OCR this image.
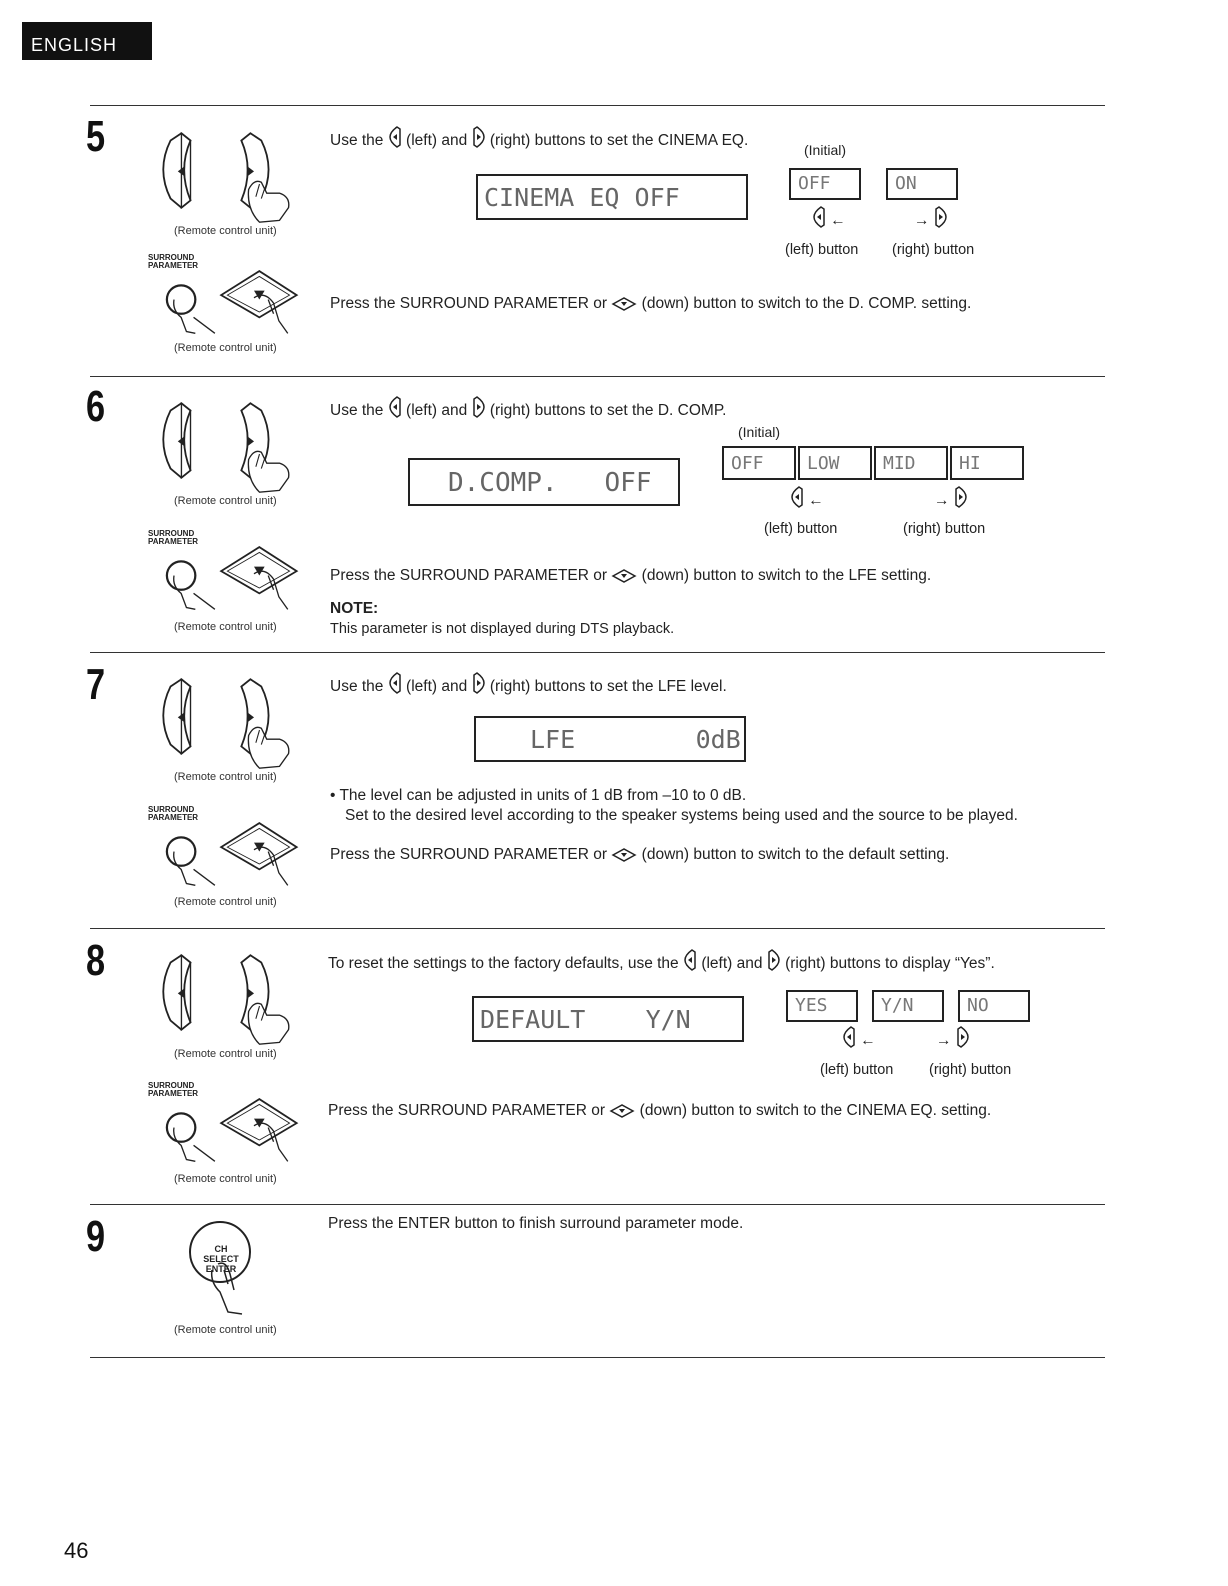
ENGLISH
5
(Remote control unit)
SURROUND
PARAMETER
(Remote control unit)
Use the (left) and (right) buttons to set the CINEMA EQ.
(Initial)
CINEMA EQ OFF	OFF	ON
←	→
(left) button (right) button
Press the SURROUND PARAMETER or (down) button to switch to the D. COMP. setting.
6
(Remote control unit)
SURROUND
PARAMETER
(Remote control unit)
Use the (left) and (right) buttons to set the D. COMP.
(Initial)
D.COMP.   OFF
OFF	LOW	MID	HI
←	→
(left) button	(right) button
Press the SURROUND PARAMETER or (down) button to switch to the LFE setting.
NOTE:
This parameter is not displayed during DTS playback.
7
(Remote control unit)
SURROUND
PARAMETER
(Remote control unit)
Use the (left) and (right) buttons to set the LFE level.
LFE        0dB
• The level can be adjusted in units of 1 dB from –10 to 0 dB.
Set to the desired level according to the speaker systems being used and the source to be played.
Press the SURROUND PARAMETER or (down) button to switch to the default setting.
8
(Remote control unit)
SURROUND
PARAMETER
(Remote control unit)
To reset the settings to the factory defaults, use the (left) and (right) buttons to display “Yes”.
DEFAULT    Y/N	YES	Y/N	NO
←	→
(left) button (right) button
Press the SURROUND PARAMETER or (down) button to switch to the CINEMA EQ. setting.
9	CH SELECT
ENTER
(Remote control unit)
Press the ENTER button to finish surround parameter mode.
46
